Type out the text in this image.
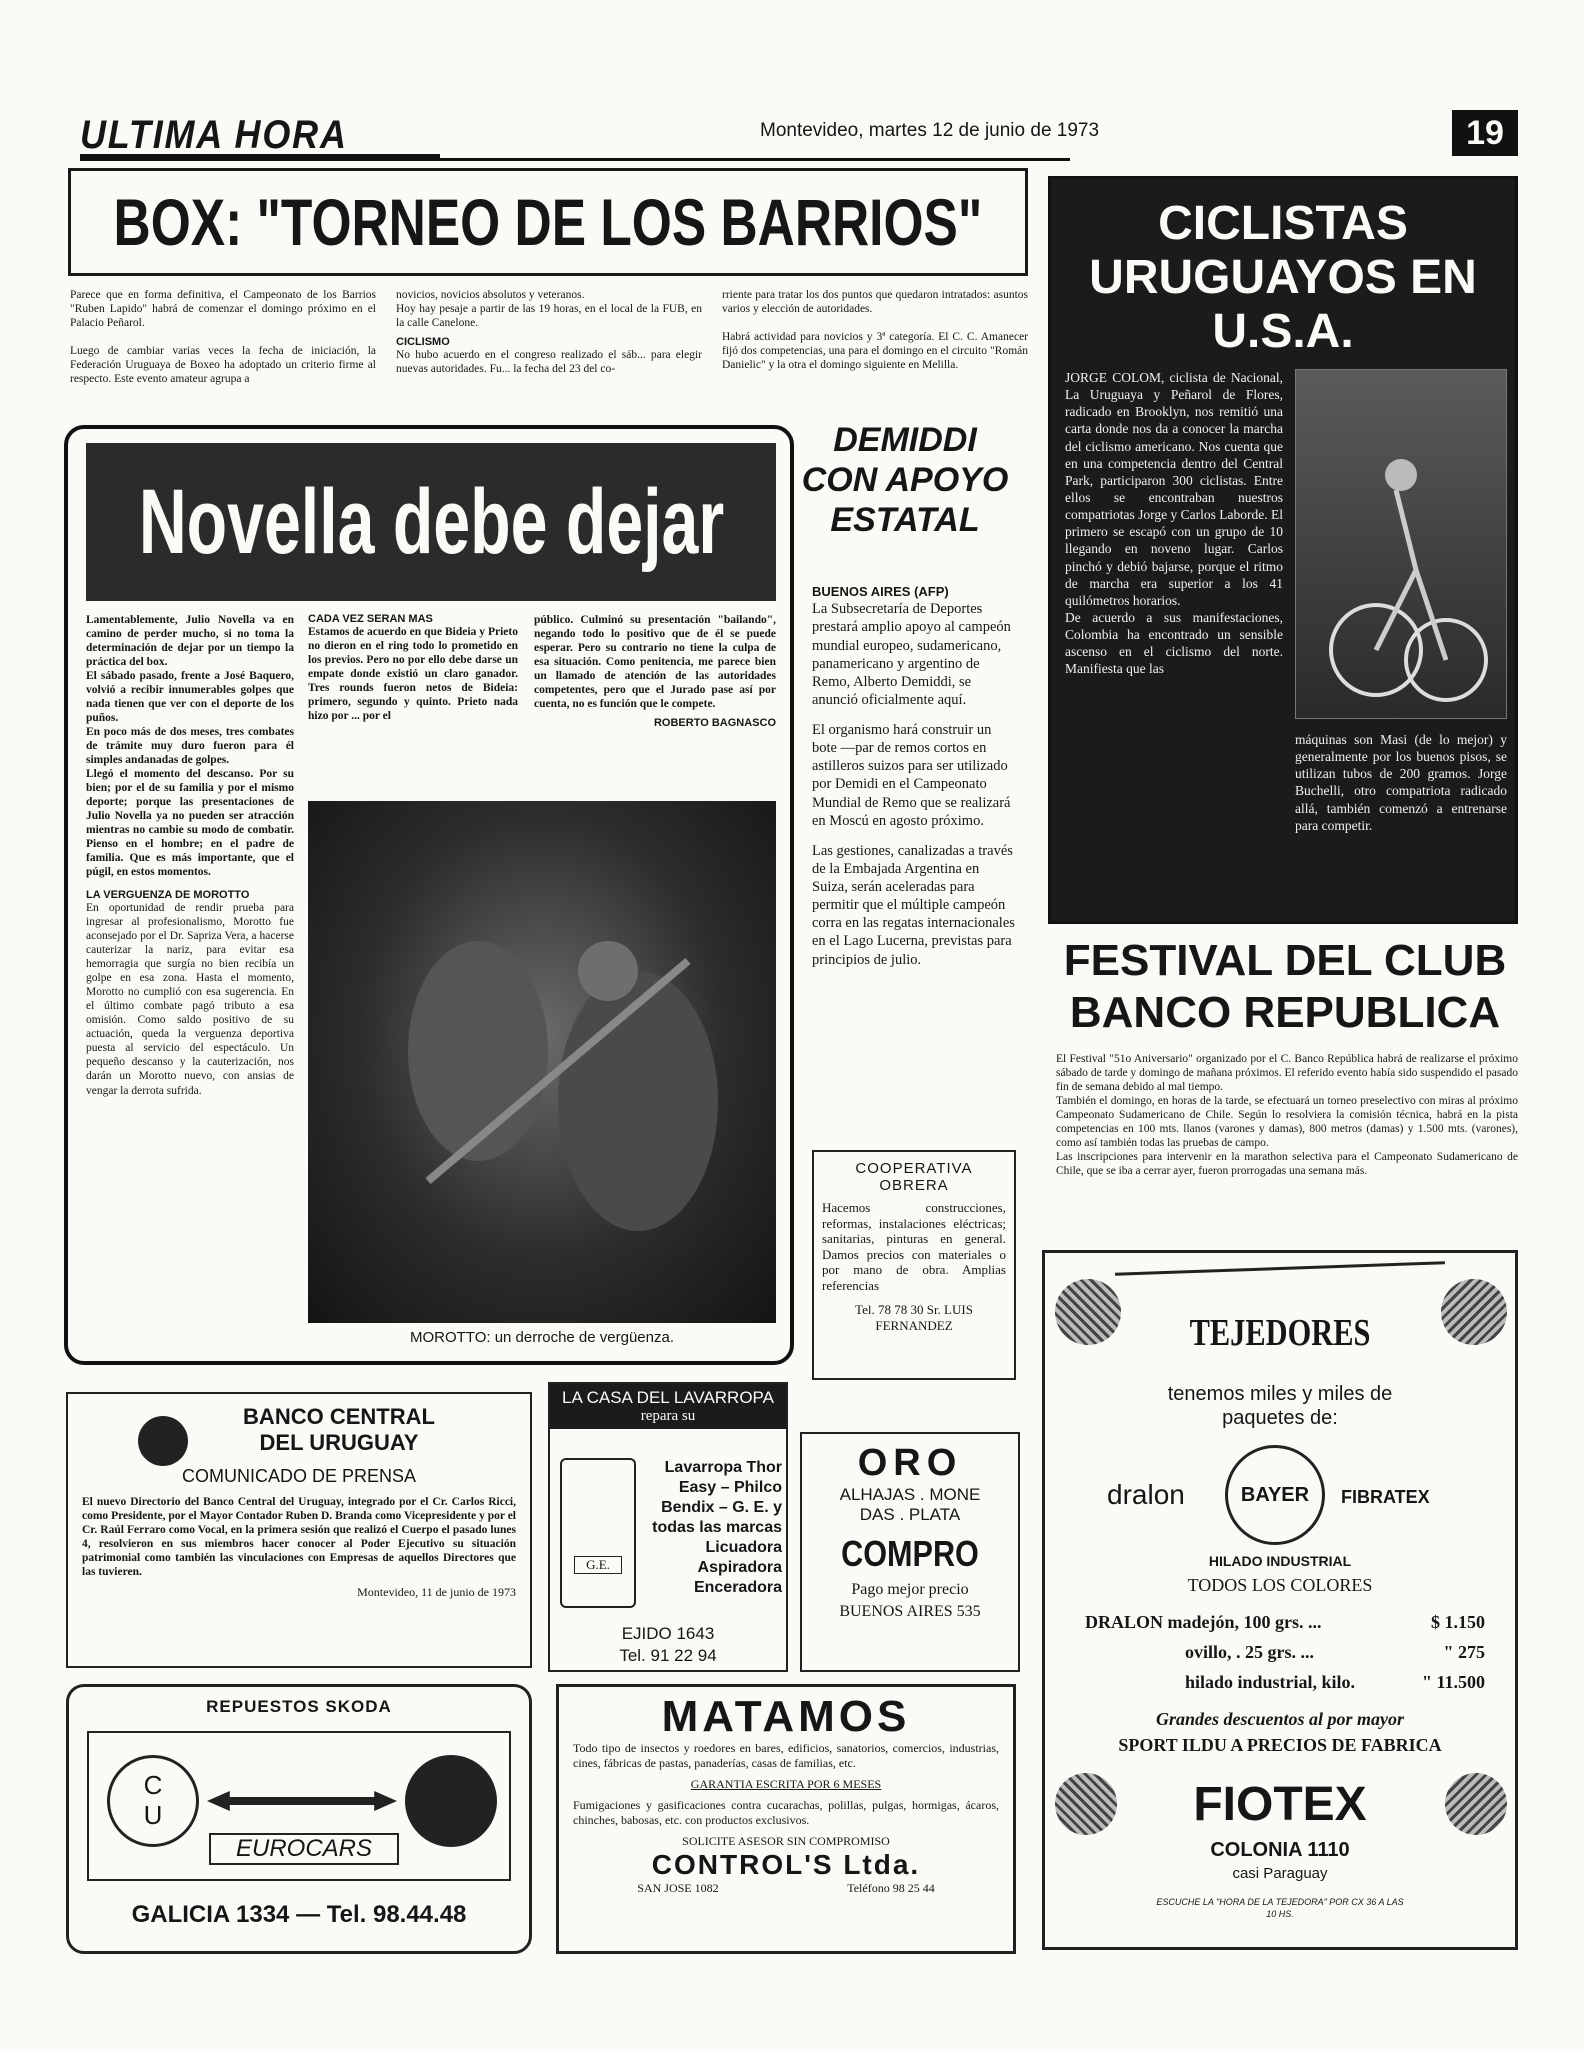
ULTIMA HORA	Montevideo, martes 12 de junio de 1973	19
BOX: "TORNEO DE LOS BARRIOS"
Parece que en forma definitiva, el Campeonato de los Barrios "Ruben Lapido" habrá de comenzar el domingo próximo en el Palacio Peñarol.

Luego de cambiar varias veces la fecha de iniciación, la Federación Uruguaya de Boxeo ha adoptado un criterio firme al respecto. Este evento amateur agrupa a
novicios, novicios absolutos y veteranos.
Hoy hay pesaje a partir de las 19 horas, en el local de la FUB, en la calle Canelone.
CICLISMO
No hubo acuerdo en el congreso realizado el sáb... para elegir nuevas autoridades. Fu... la fecha del 23 del co-
rriente para tratar los dos puntos que quedaron intratados: asuntos varios y elección de autoridades.

Habrá actividad para novicios y 3ª categoría. El C. C. Amanecer fijó dos competencias, una para el domingo en el circuito "Román Danielic" y la otra el domingo siguiente en Melilla.
Novella debe dejar
Lamentablemente, Julio Novella va en camino de perder mucho, si no toma la determinación de dejar por un tiempo la práctica del box.
El sábado pasado, frente a José Baquero, volvió a recibir innumerables golpes que nada tienen que ver con el deporte de los puños.
En poco más de dos meses, tres combates de trámite muy duro fueron para él simples andanadas de golpes.
Llegó el momento del descanso. Por su bien; por el de su familia y por el mismo deporte; porque las presentaciones de Julio Novella ya no pueden ser atracción mientras no cambie su modo de combatir. Pienso en el hombre; en el padre de familia. Que es más importante, que el púgil, en estos momentos.
LA VERGUENZA DE MOROTTO
En oportunidad de rendir prueba para ingresar al profesionalismo, Morotto fue aconsejado por el Dr. Sapriza Vera, a hacerse cauterizar la nariz, para evitar esa hemorragia que surgía no bien recibía un golpe en esa zona. Hasta el momento, Morotto no cumplió con esa sugerencia. En el último combate pagó tributo a esa omisión. Como saldo positivo de su actuación, queda la verguenza deportiva puesta al servicio del espectáculo. Un pequeño descanso y la cauterización, nos darán un Morotto nuevo, con ansias de vengar la derrota sufrida.
CADA VEZ SERAN MAS
Estamos de acuerdo en que Bideia y Prieto no dieron en el ring todo lo prometido en los previos. Pero no por ello debe darse un empate donde existió un claro ganador. Tres rounds fueron netos de Bideia: primero, segundo y quinto. Prieto nada hizo por ... por el
público. Culminó su presentación "bailando", negando todo lo positivo que de él se puede esperar. Pero su contrario no tiene la culpa de esa situación. Como penitencia, me parece bien un llamado de atención de las autoridades competentes, pero que el Jurado pase así por cuenta, no es función que le compete.
ROBERTO BAGNASCO
MOROTTO: un derroche de vergüenza.
DEMIDDI CON APOYO ESTATAL
BUENOS AIRES (AFP)
La Subsecretaría de Deportes prestará amplio apoyo al campeón mundial europeo, sudamericano, panamericano y argentino de Remo, Alberto Demiddi, se anunció oficialmente aquí.
El organismo hará construir un bote —par de remos cortos en astilleros suizos para ser utilizado por Demidi en el Campeonato Mundial de Remo que se realizará en Moscú en agosto próximo.
Las gestiones, canalizadas a través de la Embajada Argentina en Suiza, serán aceleradas para permitir que el múltiple campeón corra en las regatas internacionales en el Lago Lucerna, previstas para principios de julio.
COOPERATIVA
OBRERA
Hacemos construcciones, reformas, instalaciones eléctricas; sanitarias, pinturas en general. Damos precios con materiales o por mano de obra. Amplias referencias
Tel. 78 78 30 Sr. LUIS FERNANDEZ
CICLISTAS URUGUAYOS EN U.S.A.
JORGE COLOM, ciclista de Nacional, La Uruguaya y Peñarol de Flores, radicado en Brooklyn, nos remitió una carta donde nos da a conocer la marcha del ciclismo americano. Nos cuenta que en una competencia dentro del Central Park, participaron 300 ciclistas. Entre ellos se encontraban nuestros compatriotas Jorge y Carlos Laborde. El primero se escapó con un grupo de 10 llegando en noveno lugar. Carlos pinchó y debió bajarse, porque el ritmo de marcha era superior a los 41 quilómetros horarios.
De acuerdo a sus manifestaciones, Colombia ha encontrado un sensible ascenso en el ciclismo del norte. Manifiesta que las
máquinas son Masi (de lo mejor) y generalmente por los buenos pisos, se utilizan tubos de 200 gramos. Jorge Buchelli, otro compatriota radicado allá, también comenzó a entrenarse para competir.
FESTIVAL DEL CLUB
BANCO REPUBLICA
El Festival "51o Aniversario" organizado por el C. Banco República habrá de realizarse el próximo sábado de tarde y domingo de mañana próximos. El referido evento había sido suspendido el pasado fin de semana debido al mal tiempo.
También el domingo, en horas de la tarde, se efectuará un torneo preselectivo con miras al próximo Campeonato Sudamericano de Chile. Según lo resolviera la comisión técnica, habrá en la pista competencias en 100 mts. llanos (varones y damas), 800 metros (damas) y 1.500 mts. (varones), como así también todas las pruebas de campo.
Las inscripciones para intervenir en la marathon selectiva para el Campeonato Sudamericano de Chile, que se iba a cerrar ayer, fueron prorrogadas una semana más.
BANCO CENTRAL
DEL URUGUAY
COMUNICADO DE PRENSA
El nuevo Directorio del Banco Central del Uruguay, integrado por el Cr. Carlos Ricci, como Presidente, por el Mayor Contador Ruben D. Branda como Vicepresidente y por el Cr. Raúl Ferraro como Vocal, en la primera sesión que realizó el Cuerpo el pasado lunes 4, resolvieron en sus miembros hacer conocer al Poder Ejecutivo su situación patrimonial como también las vinculaciones con Empresas de aquellos Directores que las tuvieren.
Montevideo, 11 de junio de 1973
LA CASA DEL LAVARROPA
repara su
G.E.
Lavarropa Thor Easy – Philco Bendix – G. E. y todas las marcas Licuadora Aspiradora Enceradora
EJIDO 1643
Tel. 91 22 94
ORO
ALHAJAS . MONE
DAS . PLATA
COMPRO
Pago mejor precio
BUENOS AIRES 535
TEJEDORES
tenemos miles y miles de
paquetes de:
dralon	BAYER FIBRATEX
HILADO INDUSTRIAL
TODOS LOS COLORES
DRALON madejón, 100 grs. ...	$ 1.150
ovillo, . 25 grs. ...	" 275
hilado industrial, kilo.	" 11.500
Grandes descuentos al por mayor
SPORT ILDU A PRECIOS DE FABRICA
FIOTEX
COLONIA 1110
casi Paraguay
ESCUCHE LA "HORA DE LA TEJEDORA" POR CX 36 A LAS 10 HS.
REPUESTOS SKODA
C
U
EUROCARS
GALICIA 1334 — Tel. 98.44.48
MATAMOS
Todo tipo de insectos y roedores en bares, edificios, sanatorios, comercios, industrias, cines, fábricas de pastas, panaderías, casas de familias, etc.
GARANTIA ESCRITA POR 6 MESES
Fumigaciones y gasificaciones contra cucarachas, polillas, pulgas, hormigas, ácaros, chinches, babosas, etc. con productos exclusivos.
SOLICITE ASESOR SIN COMPROMISO
CONTROL'S Ltda.
SAN JOSE 1082	Teléfono 98 25 44
